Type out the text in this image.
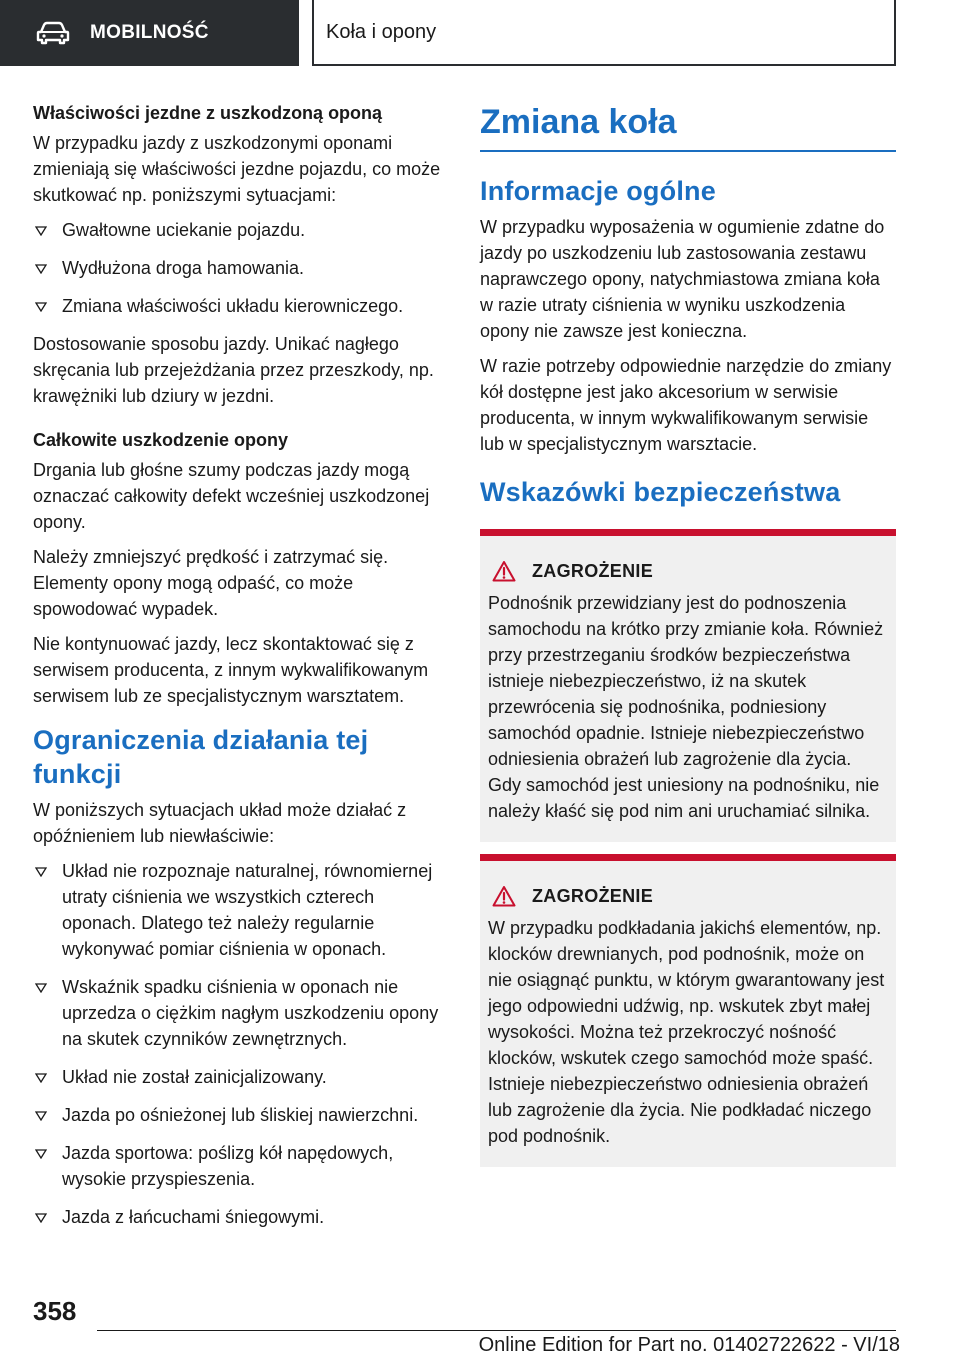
MOBILNOŚĆ	Koła i opony
Właściwości jezdne z uszkodzoną oponą

W przypadku jazdy z uszkodzonymi oponami zmieniają się właściwości jezdne pojazdu, co może skutkować np. poniższymi sytuacjami:

Gwałtowne uciekanie pojazdu.
Wydłużona droga hamowania.
Zmiana właściwości układu kierowniczego.

Dostosowanie sposobu jazdy. Unikać nagłego skręcania lub przejeżdżania przez przeszkody, np. krawężniki lub dziury w jezdni.

Całkowite uszkodzenie opony

Drgania lub głośne szumy podczas jazdy mogą oznaczać całkowity defekt wcześniej uszkodzonej opony.

Należy zmniejszyć prędkość i zatrzymać się. Elementy opony mogą odpaść, co może spowodować wypadek.

Nie kontynuować jazdy, lecz skontaktować się z serwisem producenta, z innym wykwalifikowanym serwisem lub ze specjalistycznym warsztatem.

Ograniczenia działania tej funkcji

W poniższych sytuacjach układ może działać z opóźnieniem lub niewłaściwie:

Układ nie rozpoznaje naturalnej, równomiernej utraty ciśnienia we wszystkich czterech oponach. Dlatego też należy regularnie wykonywać pomiar ciśnienia w oponach.
Wskaźnik spadku ciśnienia w oponach nie uprzedza o ciężkim nagłym uszkodzeniu opony na skutek czynników zewnętrznych.
Układ nie został zainicjalizowany.
Jazda po ośnieżonej lub śliskiej nawierzchni.
Jazda sportowa: poślizg kół napędowych, wysokie przyspieszenia.
Jazda z łańcuchami śniegowymi.
Zmiana koła
Informacje ogólne

W przypadku wyposażenia w ogumienie zdatne do jazdy po uszkodzeniu lub zastosowania zestawu naprawczego opony, natychmiastowa zmiana koła w razie utraty ciśnienia w wyniku uszkodzenia opony nie zawsze jest konieczna.

W razie potrzeby odpowiednie narzędzie do zmiany kół dostępne jest jako akcesorium w serwisie producenta, w innym wykwalifikowanym serwisie lub w specjalistycznym warsztacie.

Wskazówki bezpieczeństwa
ZAGROŻENIE

Podnośnik przewidziany jest do podnoszenia samochodu na krótko przy zmianie koła. Również przy przestrzeganiu środków bezpieczeństwa istnieje niebezpieczeństwo, iż na skutek przewrócenia się podnośnika, podniesiony samochód opadnie. Istnieje niebezpieczeństwo odniesienia obrażeń lub zagrożenie dla życia. Gdy samochód jest uniesiony na podnośniku, nie należy kłaść się pod nim ani uruchamiać silnika.

ZAGROŻENIE

W przypadku podkładania jakichś elementów, np. klocków drewnianych, pod podnośnik, może on nie osiągnąć punktu, w którym gwarantowany jest jego odpowiedni udźwig, np. wskutek zbyt małej wysokości. Można też przekroczyć nośność klocków, wskutek czego samochód może spaść. Istnieje niebezpieczeństwo odniesienia obrażeń lub zagrożenie dla życia. Nie podkładać niczego pod podnośnik.

358
Online Edition for Part no. 01402722622 - VI/18
